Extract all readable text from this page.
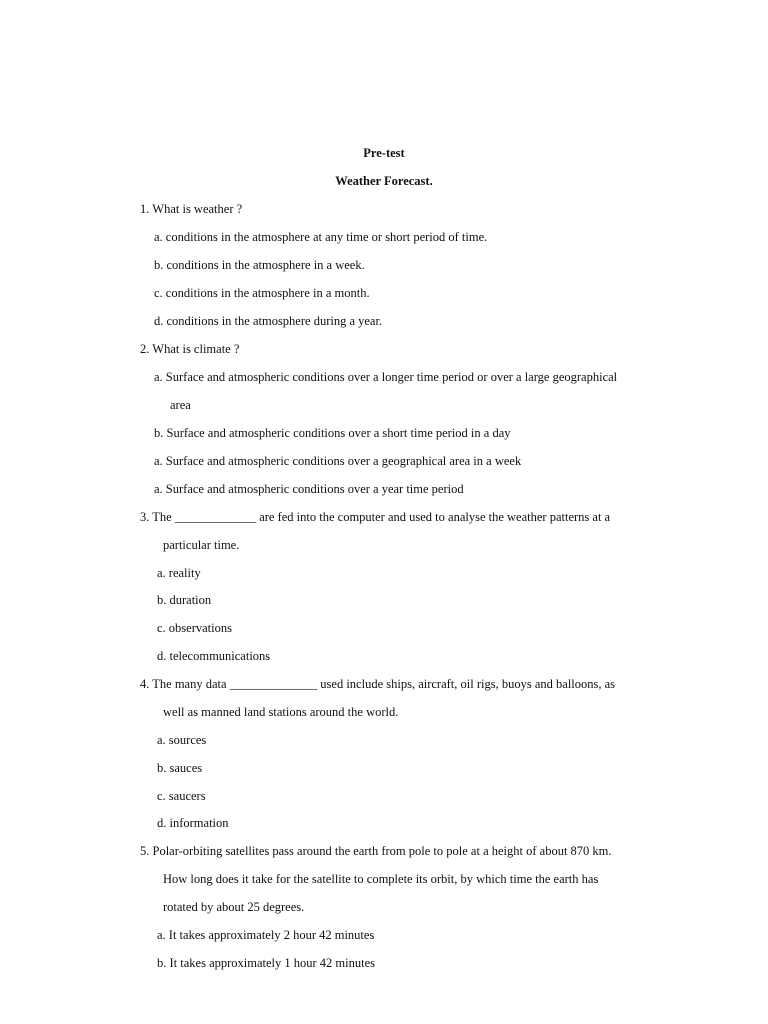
Pre-test
Weather Forecast.
1. What is weather ?
a. conditions in the atmosphere at any time or short period of time.
b. conditions in the atmosphere in a week.
c. conditions in the atmosphere in a month.
d. conditions in the atmosphere during a year.
2. What is climate ?
a. Surface and atmospheric conditions over a longer time period or over a large geographical
area
b. Surface and atmospheric conditions over a short time period in a day
a. Surface and atmospheric conditions over a geographical area in a week
a. Surface and atmospheric conditions over a year time period
3. The _____________ are fed into the computer and used to analyse the weather patterns at a
particular time.
a. reality
b. duration
c. observations
d. telecommunications
4. The many data ______________ used include ships, aircraft, oil rigs, buoys and balloons, as
well as manned land stations around the world.
a. sources
b. sauces
c. saucers
d. information
5. Polar-orbiting satellites pass around the earth from pole to pole at a height of about 870 km.
How long does it take for the satellite to complete its orbit, by which time the earth has
rotated by about 25 degrees.
a. It takes approximately 2 hour 42 minutes
b. It takes approximately 1 hour 42 minutes
